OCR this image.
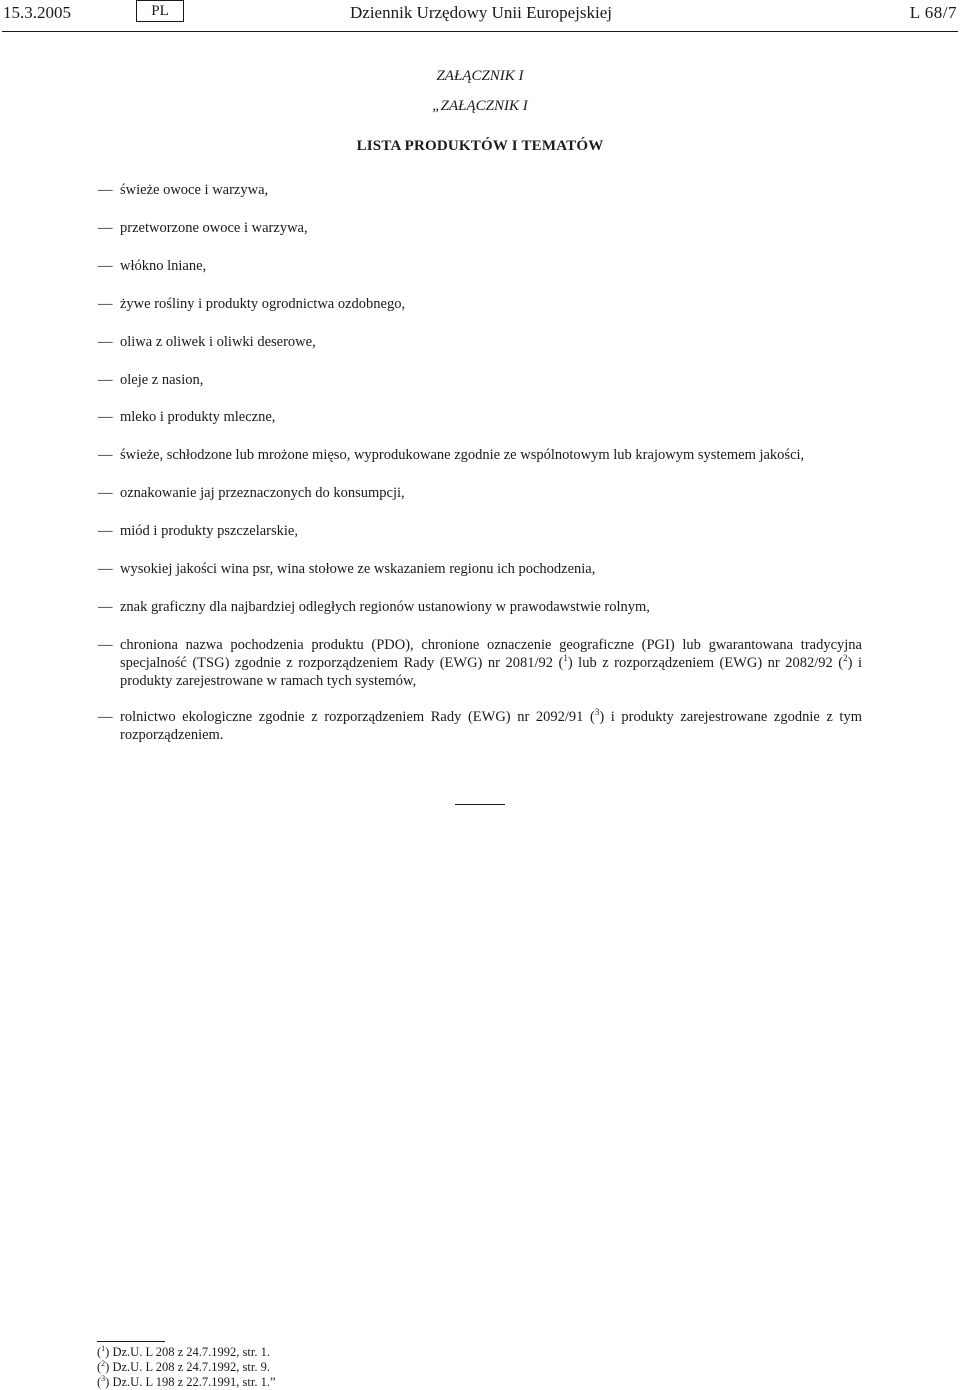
15.3.2005	PL	Dziennik Urzędowy Unii Europejskiej	L 68/7
ZAŁĄCZNIK I
„ZAŁĄCZNIK I
LISTA PRODUKTÓW I TEMATÓW
— świeże owoce i warzywa,
— przetworzone owoce i warzywa,
— włókno lniane,
— żywe rośliny i produkty ogrodnictwa ozdobnego,
— oliwa z oliwek i oliwki deserowe,
— oleje z nasion,
— mleko i produkty mleczne,
— świeże, schłodzone lub mrożone mięso, wyprodukowane zgodnie ze wspólnotowym lub krajowym systemem jakości,
— oznakowanie jaj przeznaczonych do konsumpcji,
— miód i produkty pszczelarskie,
— wysokiej jakości wina psr, wina stołowe ze wskazaniem regionu ich pochodzenia,
— znak graficzny dla najbardziej odległych regionów ustanowiony w prawodawstwie rolnym,
— chroniona nazwa pochodzenia produktu (PDO), chronione oznaczenie geograficzne (PGI) lub gwarantowana tradycyjna specjalność (TSG) zgodnie z rozporządzeniem Rady (EWG) nr 2081/92 ($^1$) lub z rozporządzeniem (EWG) nr 2082/92 ($^2$) i produkty zarejestrowane w ramach tych systemów,
— rolnictwo ekologiczne zgodnie z rozporządzeniem Rady (EWG) nr 2092/91 ($^3$) i produkty zarejestrowane zgodnie z tym rozporządzeniem.
($^1$) Dz.U. L 208 z 24.7.1992, str. 1.
($^2$) Dz.U. L 208 z 24.7.1992, str. 9.
($^3$) Dz.U. L 198 z 22.7.1991, str. 1.”
